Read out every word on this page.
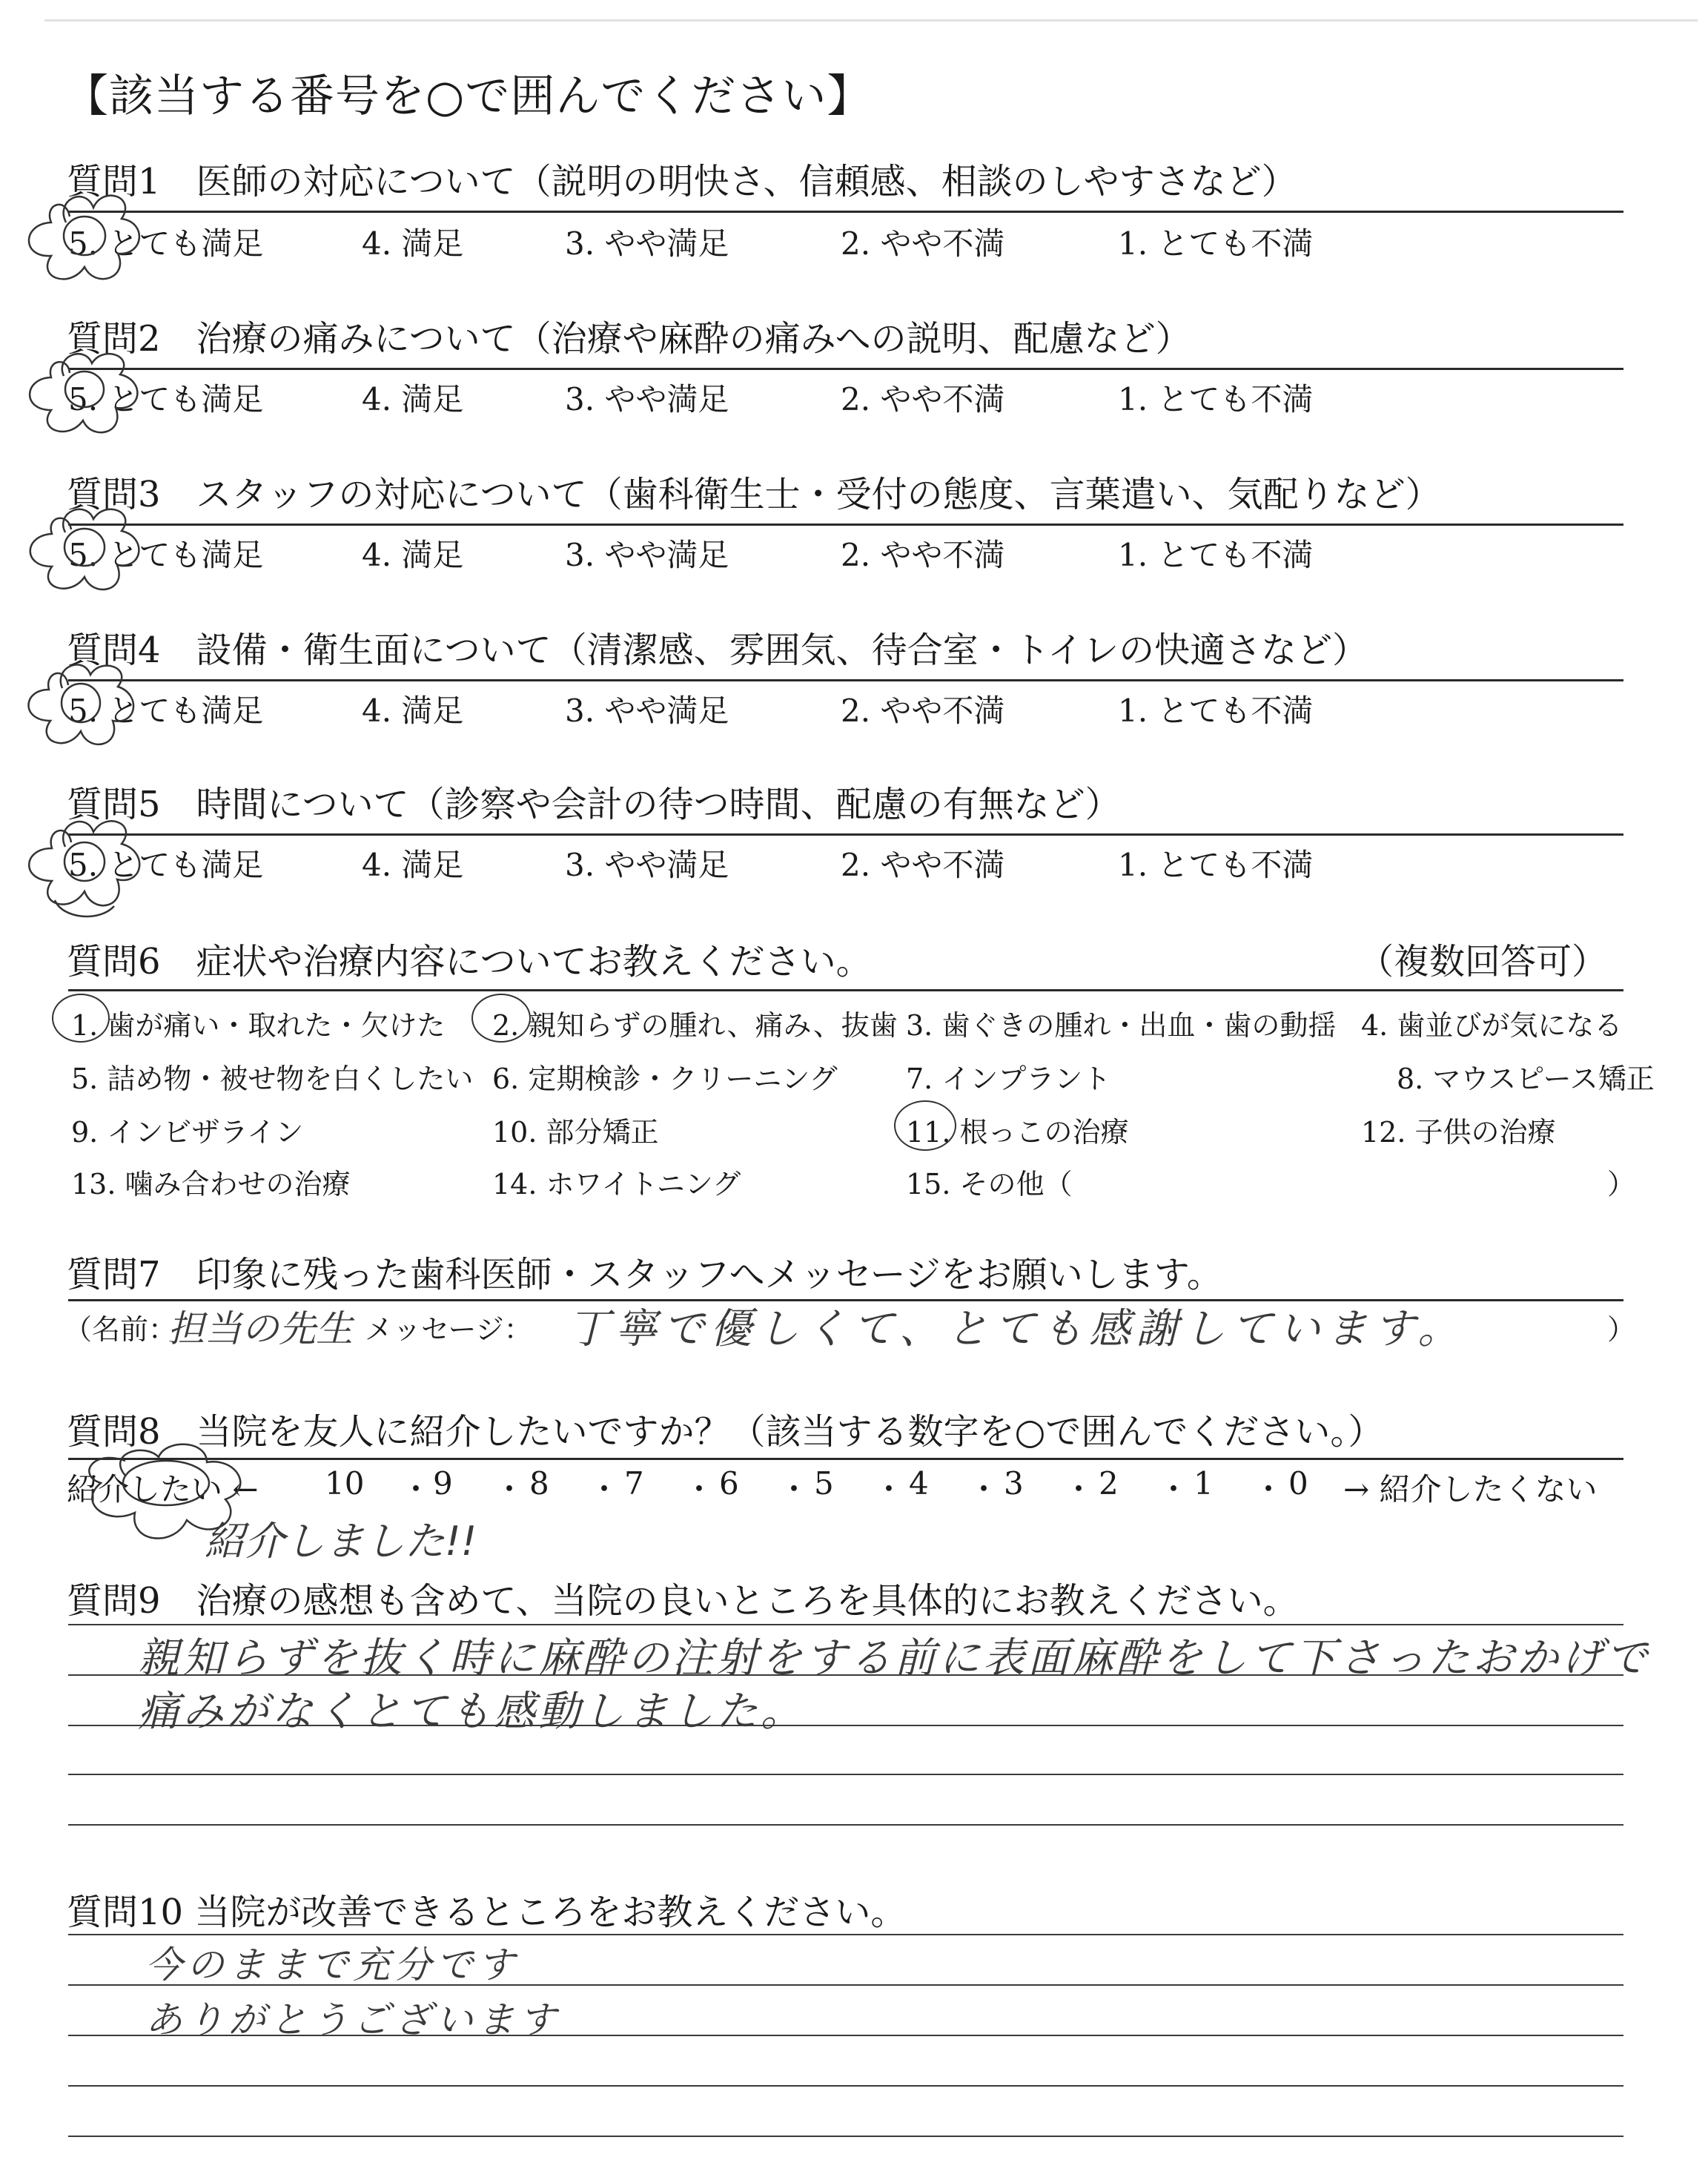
【該当する番号を○で囲んでください】
質問1　医師の対応について（説明の明快さ、信頼感、相談のしやすさなど）
5. とても満足	4. 満足	3. やや満足	2. やや不満	1. とても不満
質問2　治療の痛みについて（治療や麻酔の痛みへの説明、配慮など）
5. とても満足	4. 満足	3. やや満足	2. やや不満	1. とても不満
質問3　スタッフの対応について（歯科衛生士・受付の態度、言葉遣い、気配りなど）
5. とても満足	4. 満足	3. やや満足	2. やや不満	1. とても不満
質問4　設備・衛生面について（清潔感、雰囲気、待合室・トイレの快適さなど）
5. とても満足	4. 満足	3. やや満足	2. やや不満	1. とても不満
質問5　時間について（診察や会計の待つ時間、配慮の有無など）
5. とても満足	4. 満足	3. やや満足	2. やや不満	1. とても不満
質問6　症状や治療内容についてお教えください。	（複数回答可）
1. 歯が痛い・取れた・欠けた 2. 親知らずの腫れ、痛み、抜歯 3. 歯ぐきの腫れ・出血・歯の動揺 4. 歯並びが気になる
5. 詰め物・被せ物を白くしたい 6. 定期検診・クリーニング 7. インプラント	8. マウスピース矯正
9. インビザライン	10. 部分矯正	11. 根っこの治療	12. 子供の治療
13. 噛み合わせの治療	14. ホワイトニング	15. その他（	）
質問7　印象に残った歯科医師・スタッフへメッセージをお願いします。
（名前：
担当の先生 メッセージ： 丁寧で優しくて、とても感謝しています。	）
質問8　当院を友人に紹介したいですか？（該当する数字を○で囲んでください。）
紹介したい ← 10 ・ 9 ・ 8 ・ 7 ・ 6 ・ 5 ・ 4 ・ 3 ・ 2 ・ 1 ・ 0 → 紹介したくない
紹介しました!!
質問9　治療の感想も含めて、当院の良いところを具体的にお教えください。
親知らずを抜く時に麻酔の注射をする前に表面麻酔をして下さったおかげで
痛みがなくとても感動しました。
質問10 当院が改善できるところをお教えください。
今のままで充分です
ありがとうございます
